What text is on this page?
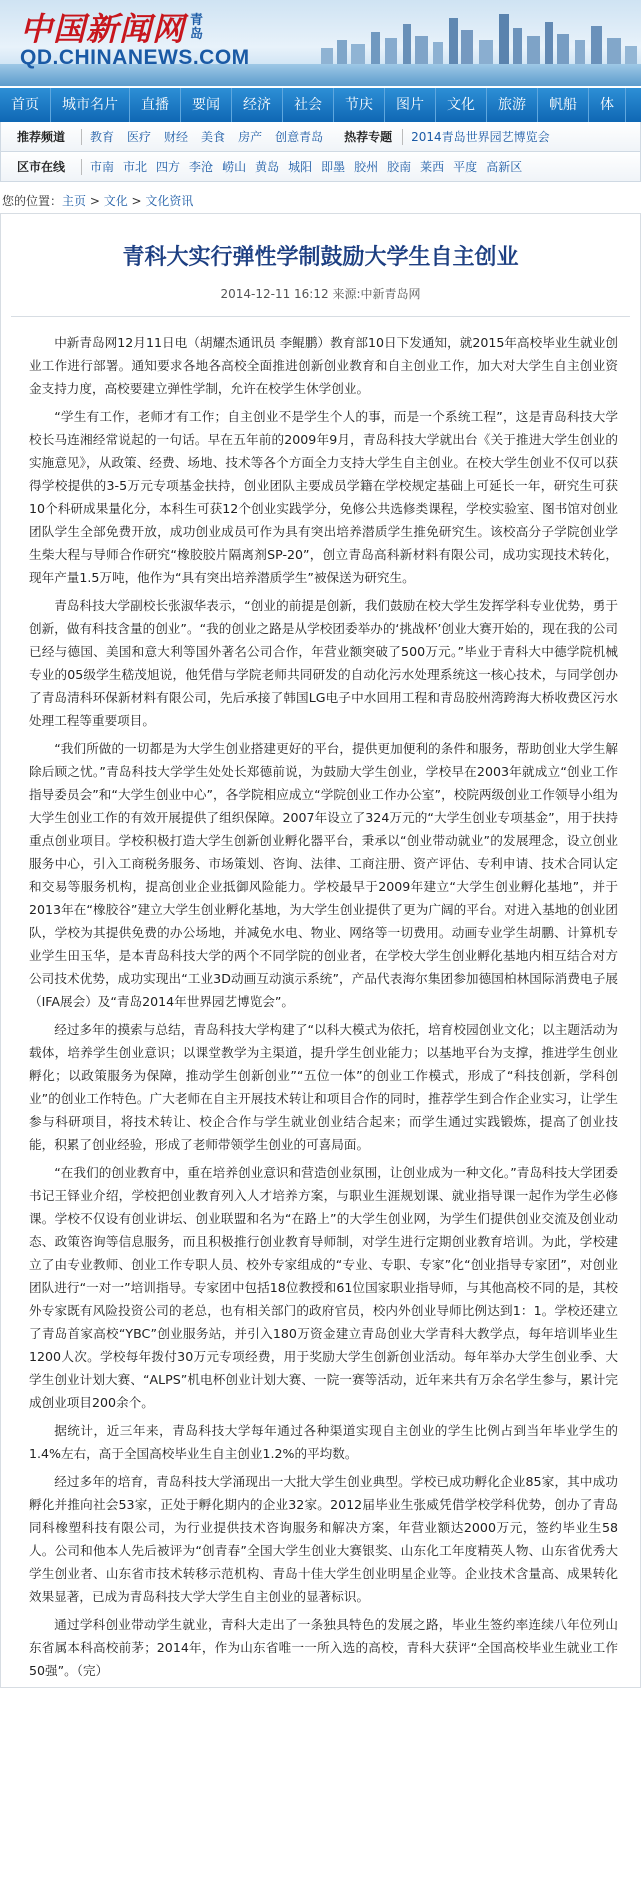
中国新闻网 青岛
QD.CHINANEWS.COM
首页	城市名片	直播	要闻	经济	社会	节庆	图片	文化	旅游	帆船	体
推荐频道	教育 医疗 财经 美食 房产 创意青岛 热荐专题 2014青岛世界园艺博览会
区市在线	市南 市北 四方 李沧 崂山 黄岛 城阳 即墨 胶州 胶南 莱西 平度 高新区
您的位置：主页 > 文化 > 文化资讯
青科大实行弹性学制鼓励大学生自主创业
2014-12-11 16:12 来源:中新青岛网

中新青岛网12月11日电（胡耀杰通讯员 李鲲鹏）教育部10日下发通知，就2015年高校毕业生就业创业工作进行部署。通知要求各地各高校全面推进创新创业教育和自主创业工作，加大对大学生自主创业资金支持力度，高校要建立弹性学制，允许在校学生休学创业。

“学生有工作，老师才有工作；自主创业不是学生个人的事，而是一个系统工程”，这是青岛科技大学校长马连湘经常说起的一句话。早在五年前的2009年9月，青岛科技大学就出台《关于推进大学生创业的实施意见》，从政策、经费、场地、技术等各个方面全力支持大学生自主创业。在校大学生创业不仅可以获得学校提供的3-5万元专项基金扶持，创业团队主要成员学籍在学校规定基础上可延长一年，研究生可获10个科研成果量化分，本科生可获12个创业实践学分，免修公共选修类课程，学校实验室、图书馆对创业团队学生全部免费开放，成功创业成员可作为具有突出培养潜质学生推免研究生。该校高分子学院创业学生柴大程与导师合作研究“橡胶胶片隔离剂SP-20”，创立青岛高科新材料有限公司，成功实现技术转化，现年产量1.5万吨，他作为“具有突出培养潜质学生”被保送为研究生。

青岛科技大学副校长张淑华表示，“创业的前提是创新，我们鼓励在校大学生发挥学科专业优势，勇于创新，做有科技含量的创业”。“我的创业之路是从学校团委举办的‘挑战杯’创业大赛开始的，现在我的公司已经与德国、美国和意大利等国外著名公司合作，年营业额突破了500万元。”毕业于青科大中德学院机械专业的05级学生嵇茂旭说，他凭借与学院老师共同研发的自动化污水处理系统这一核心技术，与同学创办了青岛清科环保新材料有限公司，先后承接了韩国LG电子中水回用工程和青岛胶州湾跨海大桥收费区污水处理工程等重要项目。

“我们所做的一切都是为大学生创业搭建更好的平台，提供更加便利的条件和服务，帮助创业大学生解除后顾之忧。”青岛科技大学学生处处长郑德前说，为鼓励大学生创业，学校早在2003年就成立“创业工作指导委员会”和“大学生创业中心”，各学院相应成立“学院创业工作办公室”，校院两级创业工作领导小组为大学生创业工作的有效开展提供了组织保障。2007年设立了324万元的“大学生创业专项基金”，用于扶持重点创业项目。学校积极打造大学生创新创业孵化器平台，秉承以“创业带动就业”的发展理念，设立创业服务中心，引入工商税务服务、市场策划、咨询、法律、工商注册、资产评估、专利申请、技术合同认定和交易等服务机构，提高创业企业抵御风险能力。学校最早于2009年建立“大学生创业孵化基地”，并于2013年在“橡胶谷”建立大学生创业孵化基地，为大学生创业提供了更为广阔的平台。对进入基地的创业团队，学校为其提供免费的办公场地，并减免水电、物业、网络等一切费用。动画专业学生胡鹏、计算机专业学生田玉华，是本青岛科技大学的两个不同学院的创业者，在学校大学生创业孵化基地内相互结合对方公司技术优势，成功实现出“工业3D动画互动演示系统”，产品代表海尔集团参加德国柏林国际消费电子展（IFA展会）及“青岛2014年世界园艺博览会”。

经过多年的摸索与总结，青岛科技大学构建了“以科大模式为依托，培育校园创业文化；以主题活动为载体，培养学生创业意识；以课堂教学为主渠道，提升学生创业能力；以基地平台为支撑，推进学生创业孵化；以政策服务为保障，推动学生创新创业”“五位一体”的创业工作模式，形成了“科技创新，学科创业”的创业工作特色。广大老师在自主开展技术转让和项目合作的同时，推荐学生到合作企业实习，让学生参与科研项目，将技术转让、校企合作与学生就业创业结合起来；而学生通过实践锻炼，提高了创业技能，积累了创业经验，形成了老师带领学生创业的可喜局面。

“在我们的创业教育中，重在培养创业意识和营造创业氛围，让创业成为一种文化。”青岛科技大学团委书记王铎业介绍，学校把创业教育列入人才培养方案，与职业生涯规划课、就业指导课一起作为学生必修课。学校不仅设有创业讲坛、创业联盟和名为“在路上”的大学生创业网，为学生们提供创业交流及创业动态、政策咨询等信息服务，而且积极推行创业教育导师制，对学生进行定期创业教育培训。为此，学校建立了由专业教师、创业工作专职人员、校外专家组成的“专业、专职、专家”化“创业指导专家团”，对创业团队进行“一对一”培训指导。专家团中包括18位教授和61位国家职业指导师，与其他高校不同的是，其校外专家既有风险投资公司的老总，也有相关部门的政府官员，校内外创业导师比例达到1：1。学校还建立了青岛首家高校“YBC”创业服务站，并引入180万资金建立青岛创业大学青科大教学点，每年培训毕业生1200人次。学校每年拨付30万元专项经费，用于奖励大学生创新创业活动。每年举办大学生创业季、大学生创业计划大赛、“ALPS”机电杯创业计划大赛、一院一赛等活动，近年来共有万余名学生参与，累计完成创业项目200余个。

据统计，近三年来，青岛科技大学每年通过各种渠道实现自主创业的学生比例占到当年毕业学生的1.4%左右，高于全国高校毕业生自主创业1.2%的平均数。

经过多年的培育，青岛科技大学涌现出一大批大学生创业典型。学校已成功孵化企业85家，其中成功孵化并推向社会53家，正处于孵化期内的企业32家。2012届毕业生张威凭借学校学科优势，创办了青岛同科橡塑科技有限公司，为行业提供技术咨询服务和解决方案，年营业额达2000万元，签约毕业生58人。公司和他本人先后被评为“创青春”全国大学生创业大赛银奖、山东化工年度精英人物、山东省优秀大学生创业者、山东省市技术转移示范机构、青岛十佳大学生创业明星企业等。企业技术含量高、成果转化效果显著，已成为青岛科技大学大学生自主创业的显著标识。

通过学科创业带动学生就业，青科大走出了一条独具特色的发展之路，毕业生签约率连续八年位列山东省属本科高校前茅；2014年，作为山东省唯一一所入选的高校，青科大获评“全国高校毕业生就业工作50强”。（完）
